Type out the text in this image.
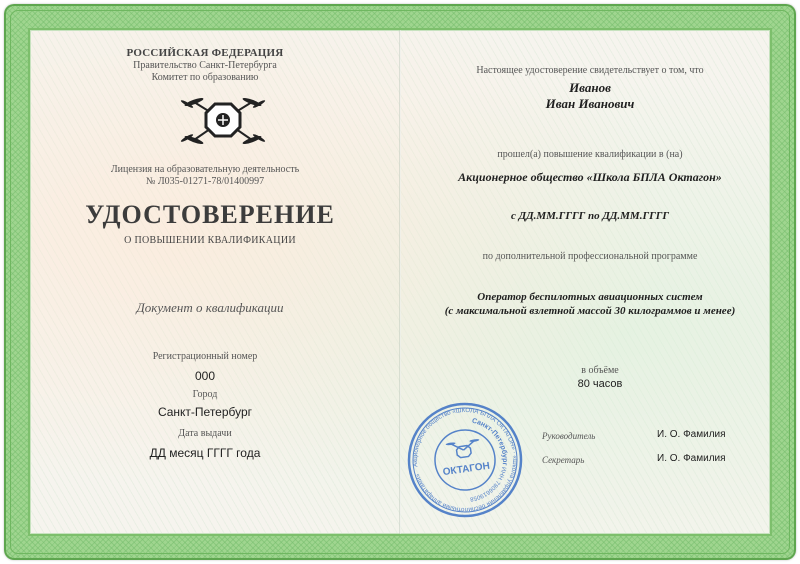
РОССИЙСКАЯ ФЕДЕРАЦИЯ
Правительство Санкт-Петербурга
Комитет по образованию
Лицензия на образовательную деятельность
№ Л035-01271-78/01400997
УДОСТОВЕРЕНИЕ
О ПОВЫШЕНИИ КВАЛИФИКАЦИИ
Документ о квалификации
Регистрационный номер
000
Город
Санкт-Петербург
Дата выдачи
ДД месяц ГГГГ года
Настоящее удостоверение свидетельствует о том, что
Иванов
Иван Иванович
прошел(а) повышение квалификации в (на)
Акционерное общество «Школа БПЛА Октагон»
с ДД.ММ.ГГГГ по ДД.ММ.ГГГГ
по дополнительной профессиональной программе
Оператор беспилотных авиационных систем
(с максимальной взлетной массой 30 килограммов и менее)
в объёме
80 часов
Руководитель	И. О. Фамилия
Секретарь	И. О. Фамилия
Акционерное общество «ШКОЛА БПЛА ОКТАГОН» · «Школа управления беспилотными аппаратами»
ИНН 7806619058
Санкт-Петербург
ОКТАГОН
